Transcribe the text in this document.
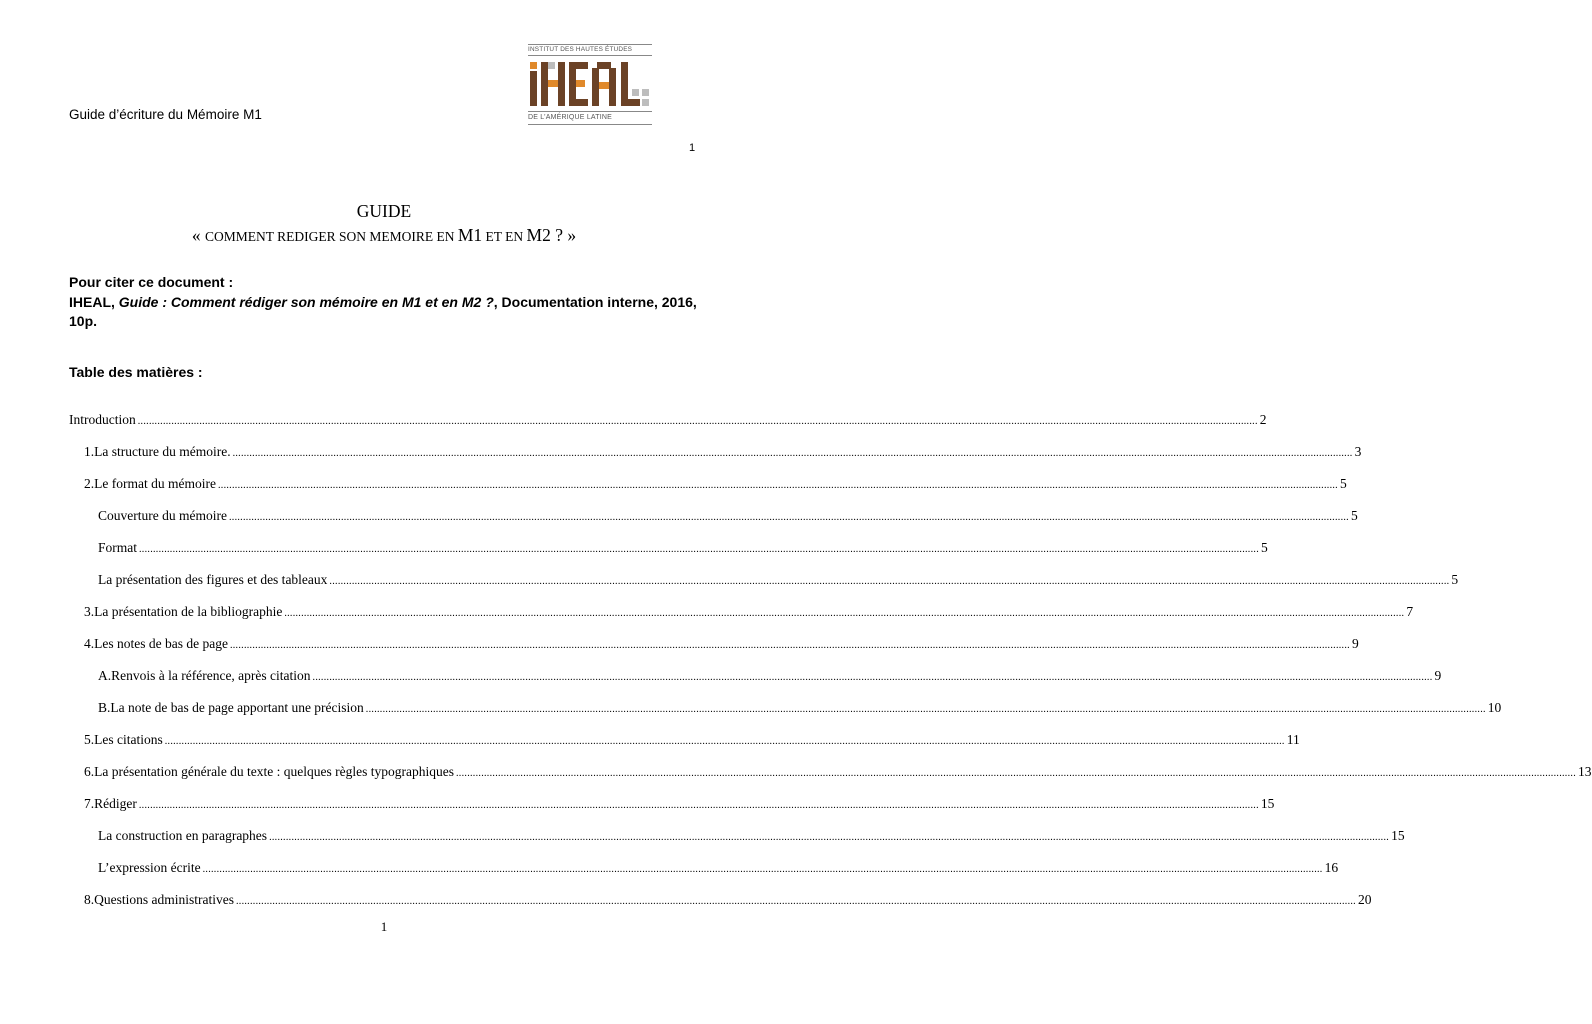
Guide d’écriture du Mémoire M1
1
INSTITUT DES HAUTES ÉTUDES
DE L’AMÉRIQUE LATINE
GUIDE
« COMMENT REDIGER SON MEMOIRE EN M1 ET EN M2 ? »
Pour citer ce document :
IHEAL, Guide : Comment rédiger son mémoire en M1 et en M2 ?, Documentation interne, 2016, 10p.
Table des matières :
Introduction ................................................................................................................................................................................................................................................................................................................................................................................................................ 2
1. La structure du mémoire. ................................................................................................................................................................................................................................................................................................................................................................................................................ 3
2. Le format du mémoire ................................................................................................................................................................................................................................................................................................................................................................................................................ 5
Couverture du mémoire ................................................................................................................................................................................................................................................................................................................................................................................................................ 5
Format ................................................................................................................................................................................................................................................................................................................................................................................................................ 5
La présentation des figures et des tableaux ................................................................................................................................................................................................................................................................................................................................................................................................................ 5
3. La présentation de la bibliographie ................................................................................................................................................................................................................................................................................................................................................................................................................ 7
4. Les notes de bas de page ................................................................................................................................................................................................................................................................................................................................................................................................................ 9
A. Renvois à la référence, après citation ................................................................................................................................................................................................................................................................................................................................................................................................................ 9
B. La note de bas de page apportant une précision ................................................................................................................................................................................................................................................................................................................................................................................................................ 10
5. Les citations ................................................................................................................................................................................................................................................................................................................................................................................................................ 11
6. La présentation générale du texte : quelques règles typographiques ................................................................................................................................................................................................................................................................................................................................................................................................................ 13
7. Rédiger ................................................................................................................................................................................................................................................................................................................................................................................................................ 15
La construction en paragraphes ................................................................................................................................................................................................................................................................................................................................................................................................................ 15
L’expression écrite ................................................................................................................................................................................................................................................................................................................................................................................................................ 16
8. Questions administratives ................................................................................................................................................................................................................................................................................................................................................................................................................ 20
1
